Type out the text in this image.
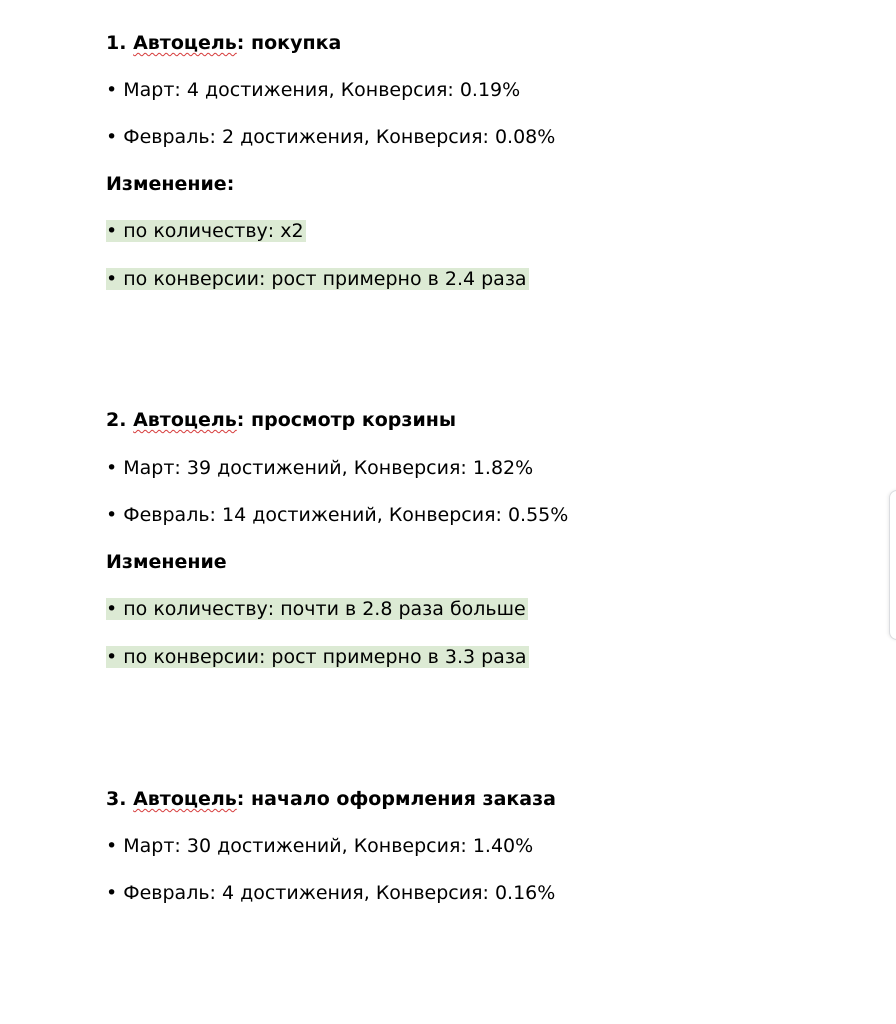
1. Автоцель: покупка
• Март: 4 достижения, Конверсия: 0.19%
• Февраль: 2 достижения, Конверсия: 0.08%
Изменение:
• по количеству: x2
• по конверсии: рост примерно в 2.4 раза
2. Автоцель: просмотр корзины
• Март: 39 достижений, Конверсия: 1.82%
• Февраль: 14 достижений, Конверсия: 0.55%
Изменение
• по количеству: почти в 2.8 раза больше
• по конверсии: рост примерно в 3.3 раза
3. Автоцель: начало оформления заказа
• Март: 30 достижений, Конверсия: 1.40%
• Февраль: 4 достижения, Конверсия: 0.16%
